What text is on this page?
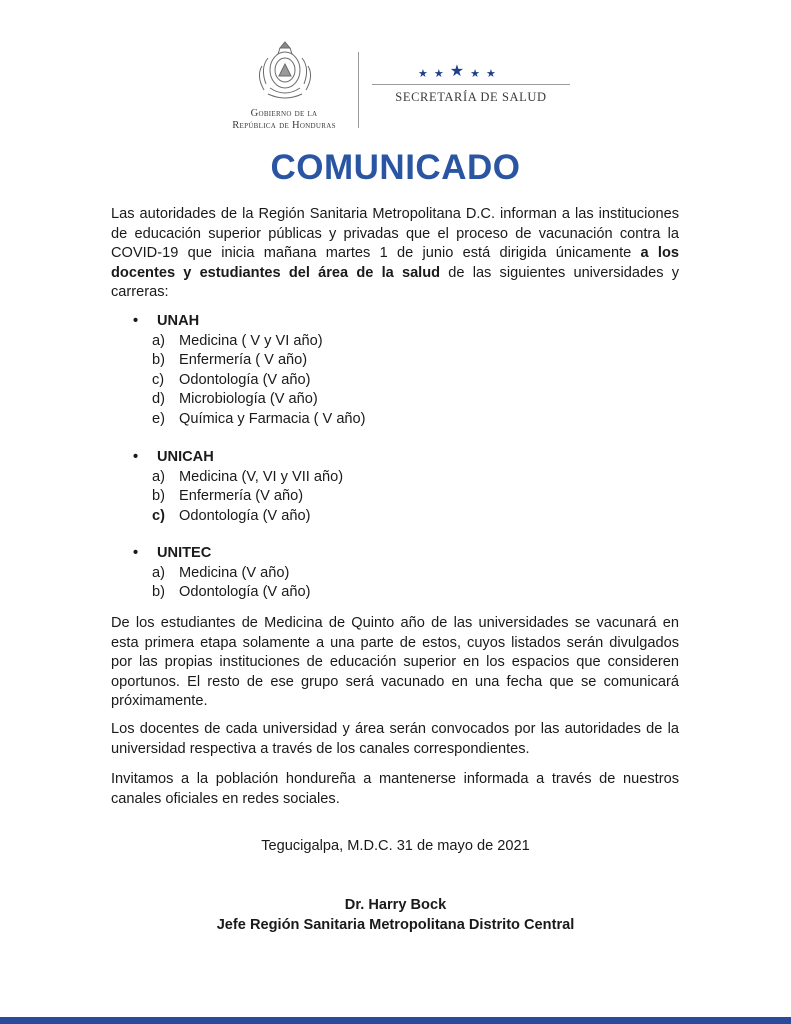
Gobierno de la
República de Honduras
★ ★ ★ ★ ★
SECRETARÍA DE SALUD
COMUNICADO

Las autoridades de la Región Sanitaria Metropolitana D.C. informan a las instituciones de educación superior públicas y privadas que el proceso de vacunación contra la COVID-19 que inicia mañana martes 1 de junio está dirigida únicamente a los docentes y estudiantes del área de la salud de las siguientes universidades y carreras:

•	UNAH
a) Medicina ( V y VI año)
b) Enfermería ( V año)
c)	Odontología (V año)
d) Microbiología (V año)
e) Química y Farmacia ( V año)
•	UNICAH
a) Medicina (V, VI y VII año)
b) Enfermería (V año)
c) Odontología (V año)
•	UNITEC
a) Medicina (V año)
b) Odontología (V año)

De los estudiantes de Medicina de Quinto año de las universidades se vacunará en esta primera etapa solamente a una parte de estos, cuyos listados serán divulgados por las propias instituciones de educación superior en los espacios que consideren oportunos. El resto de ese grupo será vacunado en una fecha que se comunicará próximamente.

Los docentes de cada universidad y área serán convocados por las autoridades de la universidad respectiva a través de los canales correspondientes.

Invitamos a la población hondureña a mantenerse informada a través de nuestros canales oficiales en redes sociales.

Tegucigalpa, M.D.C. 31 de mayo de 2021
Dr. Harry Bock
Jefe Región Sanitaria Metropolitana Distrito Central
